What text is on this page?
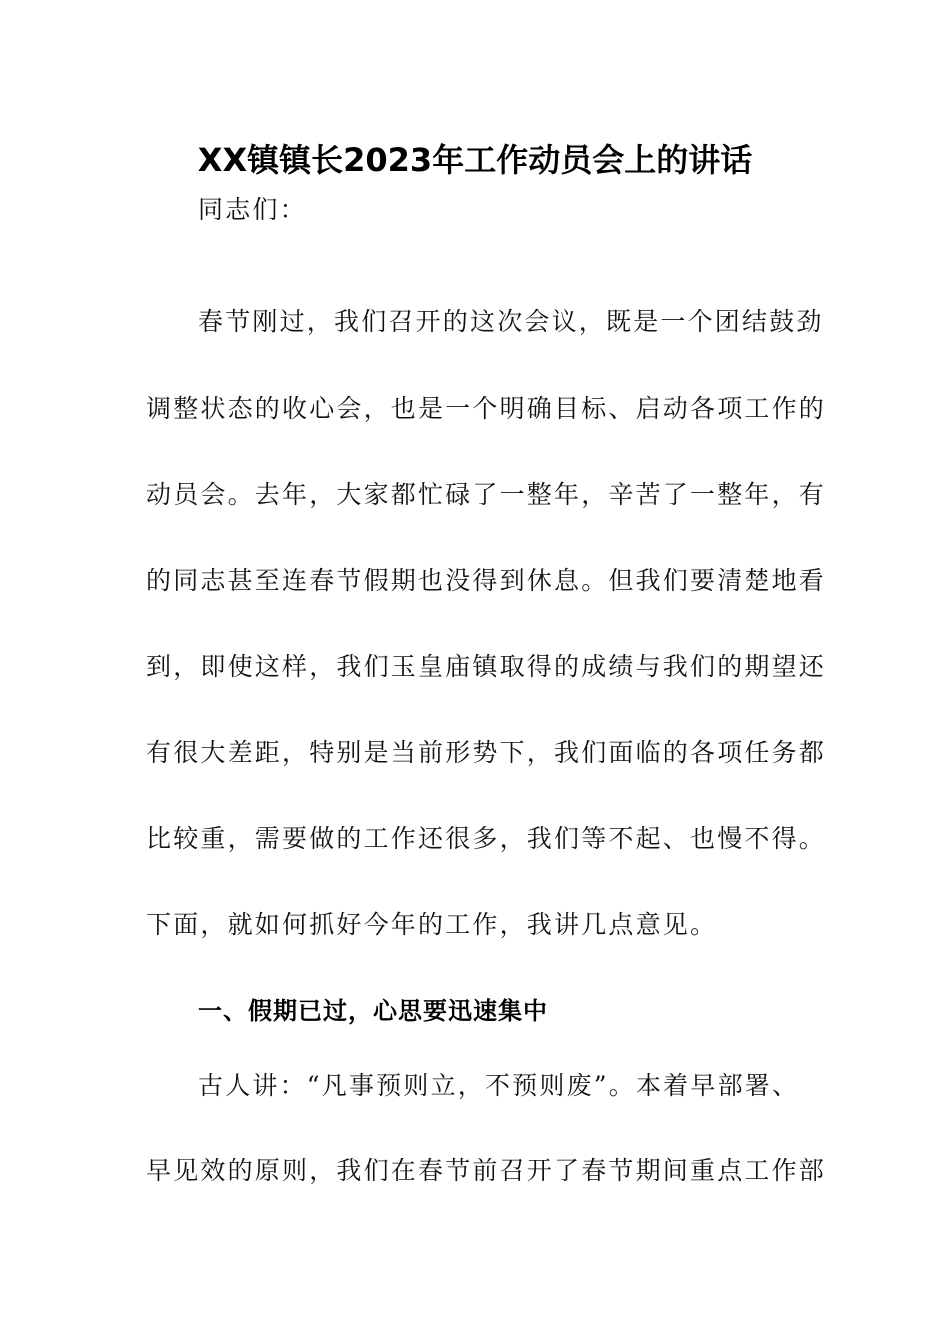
XX镇镇长2023年工作动员会上的讲话
同志们：
春节刚过，我们召开的这次会议，既是一个团结鼓劲
调整状态的收心会，也是一个明确目标、启动各项工作的
动员会。去年，大家都忙碌了一整年，辛苦了一整年，有
的同志甚至连春节假期也没得到休息。但我们要清楚地看
到，即使这样，我们玉皇庙镇取得的成绩与我们的期望还
有很大差距，特别是当前形势下，我们面临的各项任务都
比较重，需要做的工作还很多，我们等不起、也慢不得。
下面，就如何抓好今年的工作，我讲几点意见。
一、假期已过，心思要迅速集中
古人讲：“凡事预则立，不预则废”。本着早部署、
早见效的原则，我们在春节前召开了春节期间重点工作部
